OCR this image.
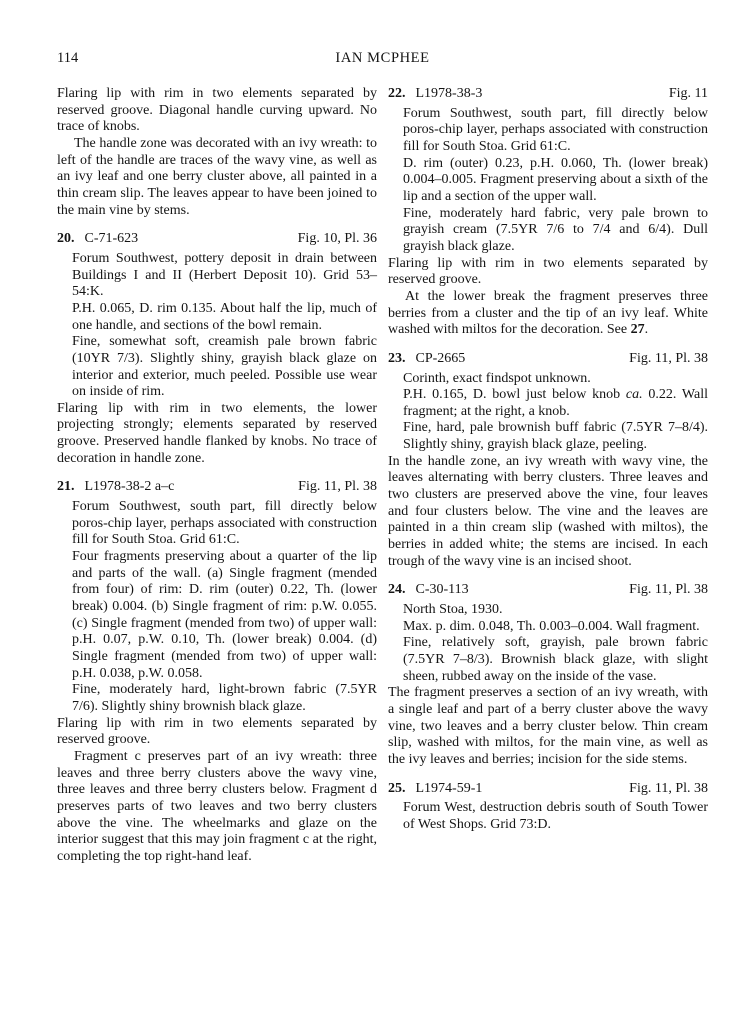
114	IAN MCPHEE

Flaring lip with rim in two elements separated by reserved groove. Diagonal handle curving upward. No trace of knobs.

The handle zone was decorated with an ivy wreath: to left of the handle are traces of the wavy vine, as well as an ivy leaf and one berry cluster above, all painted in a thin cream slip. The leaves appear to have been joined to the main vine by stems.

20. C-71-623	Fig. 10, Pl. 36

Forum Southwest, pottery deposit in drain between Buildings I and II (Herbert Deposit 10). Grid 53–54:K.

P.H. 0.065, D. rim 0.135. About half the lip, much of one handle, and sections of the bowl remain.

Fine, somewhat soft, creamish pale brown fabric (10YR 7/3). Slightly shiny, grayish black glaze on interior and exterior, much peeled. Possible use wear on inside of rim.

Flaring lip with rim in two elements, the lower projecting strongly; elements separated by reserved groove. Preserved handle flanked by knobs. No trace of decoration in handle zone.

21. L1978-38-2 a–c	Fig. 11, Pl. 38

Forum Southwest, south part, fill directly below poros-chip layer, perhaps associated with construction fill for South Stoa. Grid 61:C.

Four fragments preserving about a quarter of the lip and parts of the wall. (a) Single fragment (mended from four) of rim: D. rim (outer) 0.22, Th. (lower break) 0.004. (b) Single fragment of rim: p.W. 0.055. (c) Single fragment (mended from two) of upper wall: p.H. 0.07, p.W. 0.10, Th. (lower break) 0.004. (d) Single fragment (mended from two) of upper wall: p.H. 0.038, p.W. 0.058.

Fine, moderately hard, light-brown fabric (7.5YR 7/6). Slightly shiny brownish black glaze.

Flaring lip with rim in two elements separated by reserved groove.

Fragment c preserves part of an ivy wreath: three leaves and three berry clusters above the wavy vine, three leaves and three berry clusters below. Fragment d preserves parts of two leaves and two berry clusters above the vine. The wheelmarks and glaze on the interior suggest that this may join fragment c at the right, completing the top right-hand leaf.

22. L1978-38-3	Fig. 11

Forum Southwest, south part, fill directly below poros-chip layer, perhaps associated with construction fill for South Stoa. Grid 61:C.

D. rim (outer) 0.23, p.H. 0.060, Th. (lower break) 0.004–0.005. Fragment preserving about a sixth of the lip and a section of the upper wall.

Fine, moderately hard fabric, very pale brown to grayish cream (7.5YR 7/6 to 7/4 and 6/4). Dull grayish black glaze.

Flaring lip with rim in two elements separated by reserved groove.

At the lower break the fragment preserves three berries from a cluster and the tip of an ivy leaf. White washed with miltos for the decoration. See 27.

23. CP-2665	Fig. 11, Pl. 38

Corinth, exact findspot unknown.

P.H. 0.165, D. bowl just below knob ca. 0.22. Wall fragment; at the right, a knob.

Fine, hard, pale brownish buff fabric (7.5YR 7–8/4). Slightly shiny, grayish black glaze, peeling.

In the handle zone, an ivy wreath with wavy vine, the leaves alternating with berry clusters. Three leaves and two clusters are preserved above the vine, four leaves and four clusters below. The vine and the leaves are painted in a thin cream slip (washed with miltos), the berries in added white; the stems are incised. In each trough of the wavy vine is an incised shoot.

24. C-30-113	Fig. 11, Pl. 38

North Stoa, 1930.

Max. p. dim. 0.048, Th. 0.003–0.004. Wall fragment.

Fine, relatively soft, grayish, pale brown fabric (7.5YR 7–8/3). Brownish black glaze, with slight sheen, rubbed away on the inside of the vase.

The fragment preserves a section of an ivy wreath, with a single leaf and part of a berry cluster above the wavy vine, two leaves and a berry cluster below. Thin cream slip, washed with miltos, for the main vine, as well as the ivy leaves and berries; incision for the side stems.

25. L1974-59-1	Fig. 11, Pl. 38

Forum West, destruction debris south of South Tower of West Shops. Grid 73:D.
